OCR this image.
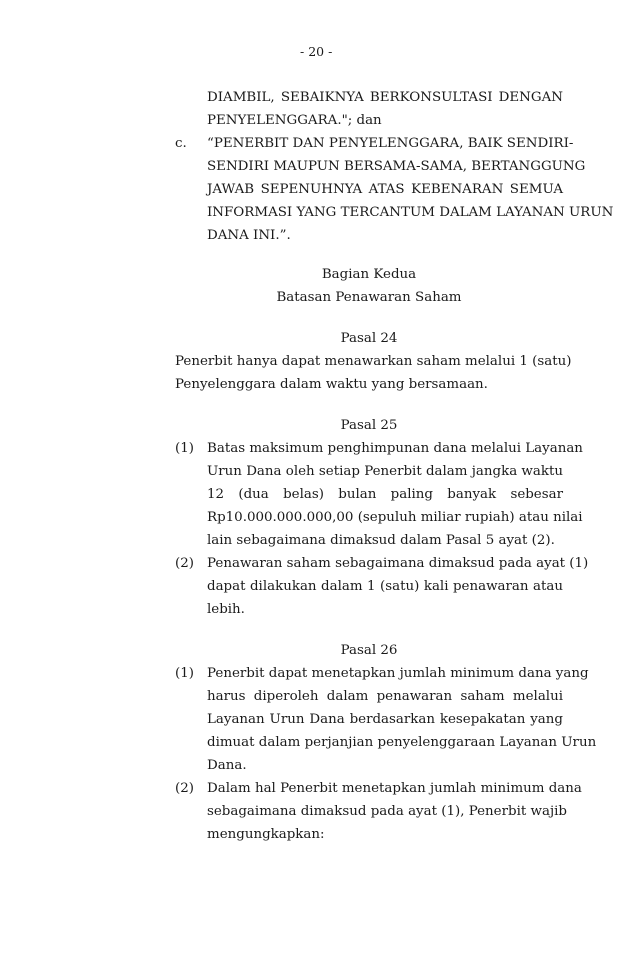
- 20 -
DIAMBIL, SEBAIKNYA BERKONSULTASI DENGAN
PENYELENGGARA."; dan
c. “PENERBIT DAN PENYELENGGARA, BAIK SENDIRI-
SENDIRI MAUPUN BERSAMA-SAMA, BERTANGGUNG
JAWAB SEPENUHNYA ATAS KEBENARAN SEMUA
INFORMASI YANG TERCANTUM DALAM LAYANAN URUN
DANA INI.”.
Bagian Kedua
Batasan Penawaran Saham
Pasal 24
Penerbit hanya dapat menawarkan saham melalui 1 (satu)
Penyelenggara dalam waktu yang bersamaan.
Pasal 25
(1) Batas maksimum penghimpunan dana melalui Layanan
Urun Dana oleh setiap Penerbit dalam jangka waktu
12 (dua belas) bulan paling banyak sebesar
Rp10.000.000.000,00 (sepuluh miliar rupiah) atau nilai
lain sebagaimana dimaksud dalam Pasal 5 ayat (2).
(2) Penawaran saham sebagaimana dimaksud pada ayat (1)
dapat dilakukan dalam 1 (satu) kali penawaran atau
lebih.
Pasal 26
(1) Penerbit dapat menetapkan jumlah minimum dana yang
harus diperoleh dalam penawaran saham melalui
Layanan Urun Dana berdasarkan kesepakatan yang
dimuat dalam perjanjian penyelenggaraan Layanan Urun
Dana.
(2) Dalam hal Penerbit menetapkan jumlah minimum dana
sebagaimana dimaksud pada ayat (1), Penerbit wajib
mengungkapkan:
